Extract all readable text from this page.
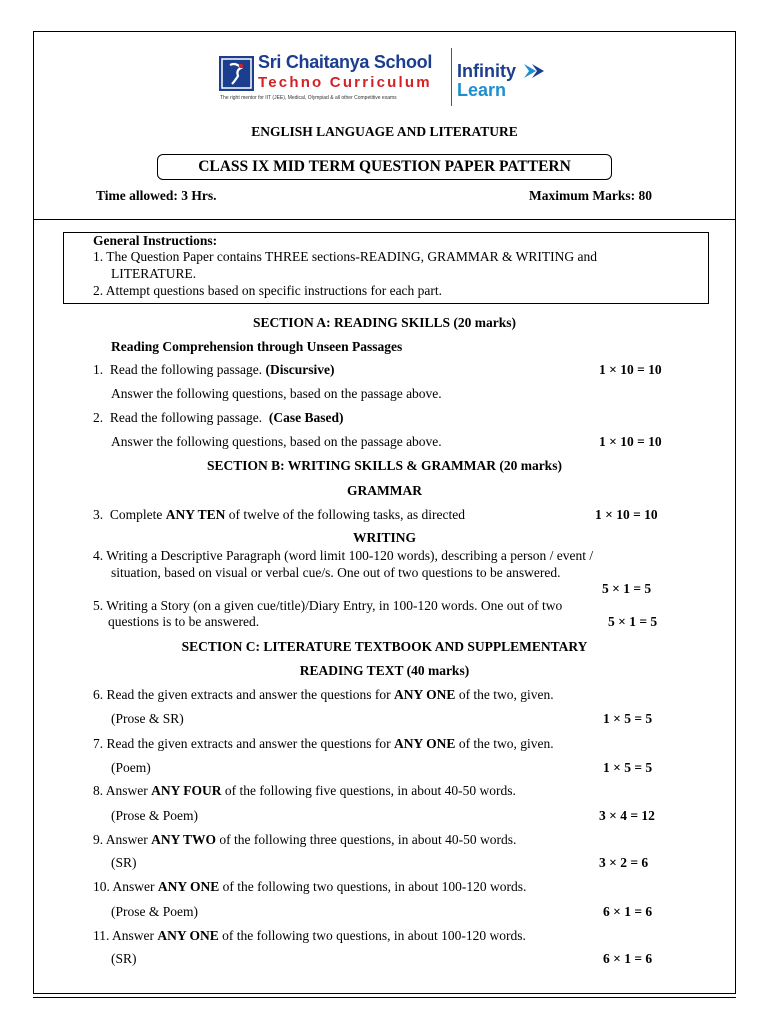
Sri Chaitanya School
Techno Curriculum
The right mentor for IIT (JEE), Medical, Olympiad & all other Competitive exams
Infinity
Learn
ENGLISH LANGUAGE AND LITERATURE
CLASS IX MID TERM QUESTION PAPER PATTERN
Time allowed: 3 Hrs.	Maximum Marks: 80
General Instructions:
1. The Question Paper contains THREE sections-READING, GRAMMAR & WRITING and
LITERATURE.
2. Attempt questions based on specific instructions for each part.
SECTION A: READING SKILLS (20 marks)
Reading Comprehension through Unseen Passages
1. Read the following passage. (Discursive)	1 × 10 = 10
Answer the following questions, based on the passage above.
2. Read the following passage. (Case Based)
Answer the following questions, based on the passage above.	1 × 10 = 10
SECTION B: WRITING SKILLS & GRAMMAR (20 marks)
GRAMMAR
3. Complete ANY TEN of twelve of the following tasks, as directed	1 × 10 = 10
WRITING
4. Writing a Descriptive Paragraph (word limit 100-120 words), describing a person / event /
situation, based on visual or verbal cue/s. One out of two questions to be answered.
5 × 1 = 5
5. Writing a Story (on a given cue/title)/Diary Entry, in 100-120 words. One out of two
questions is to be answered.	5 × 1 = 5
SECTION C: LITERATURE TEXTBOOK AND SUPPLEMENTARY
READING TEXT (40 marks)
6. Read the given extracts and answer the questions for ANY ONE of the two, given.
(Prose & SR)	1 × 5 = 5
7. Read the given extracts and answer the questions for ANY ONE of the two, given.
(Poem)	1 × 5 = 5
8. Answer ANY FOUR of the following five questions, in about 40-50 words.
(Prose & Poem)	3 × 4 = 12
9. Answer ANY TWO of the following three questions, in about 40-50 words.
(SR)	3 × 2 = 6
10. Answer ANY ONE of the following two questions, in about 100-120 words.
(Prose & Poem)	6 × 1 = 6
11. Answer ANY ONE of the following two questions, in about 100-120 words.
(SR)	6 × 1 = 6
